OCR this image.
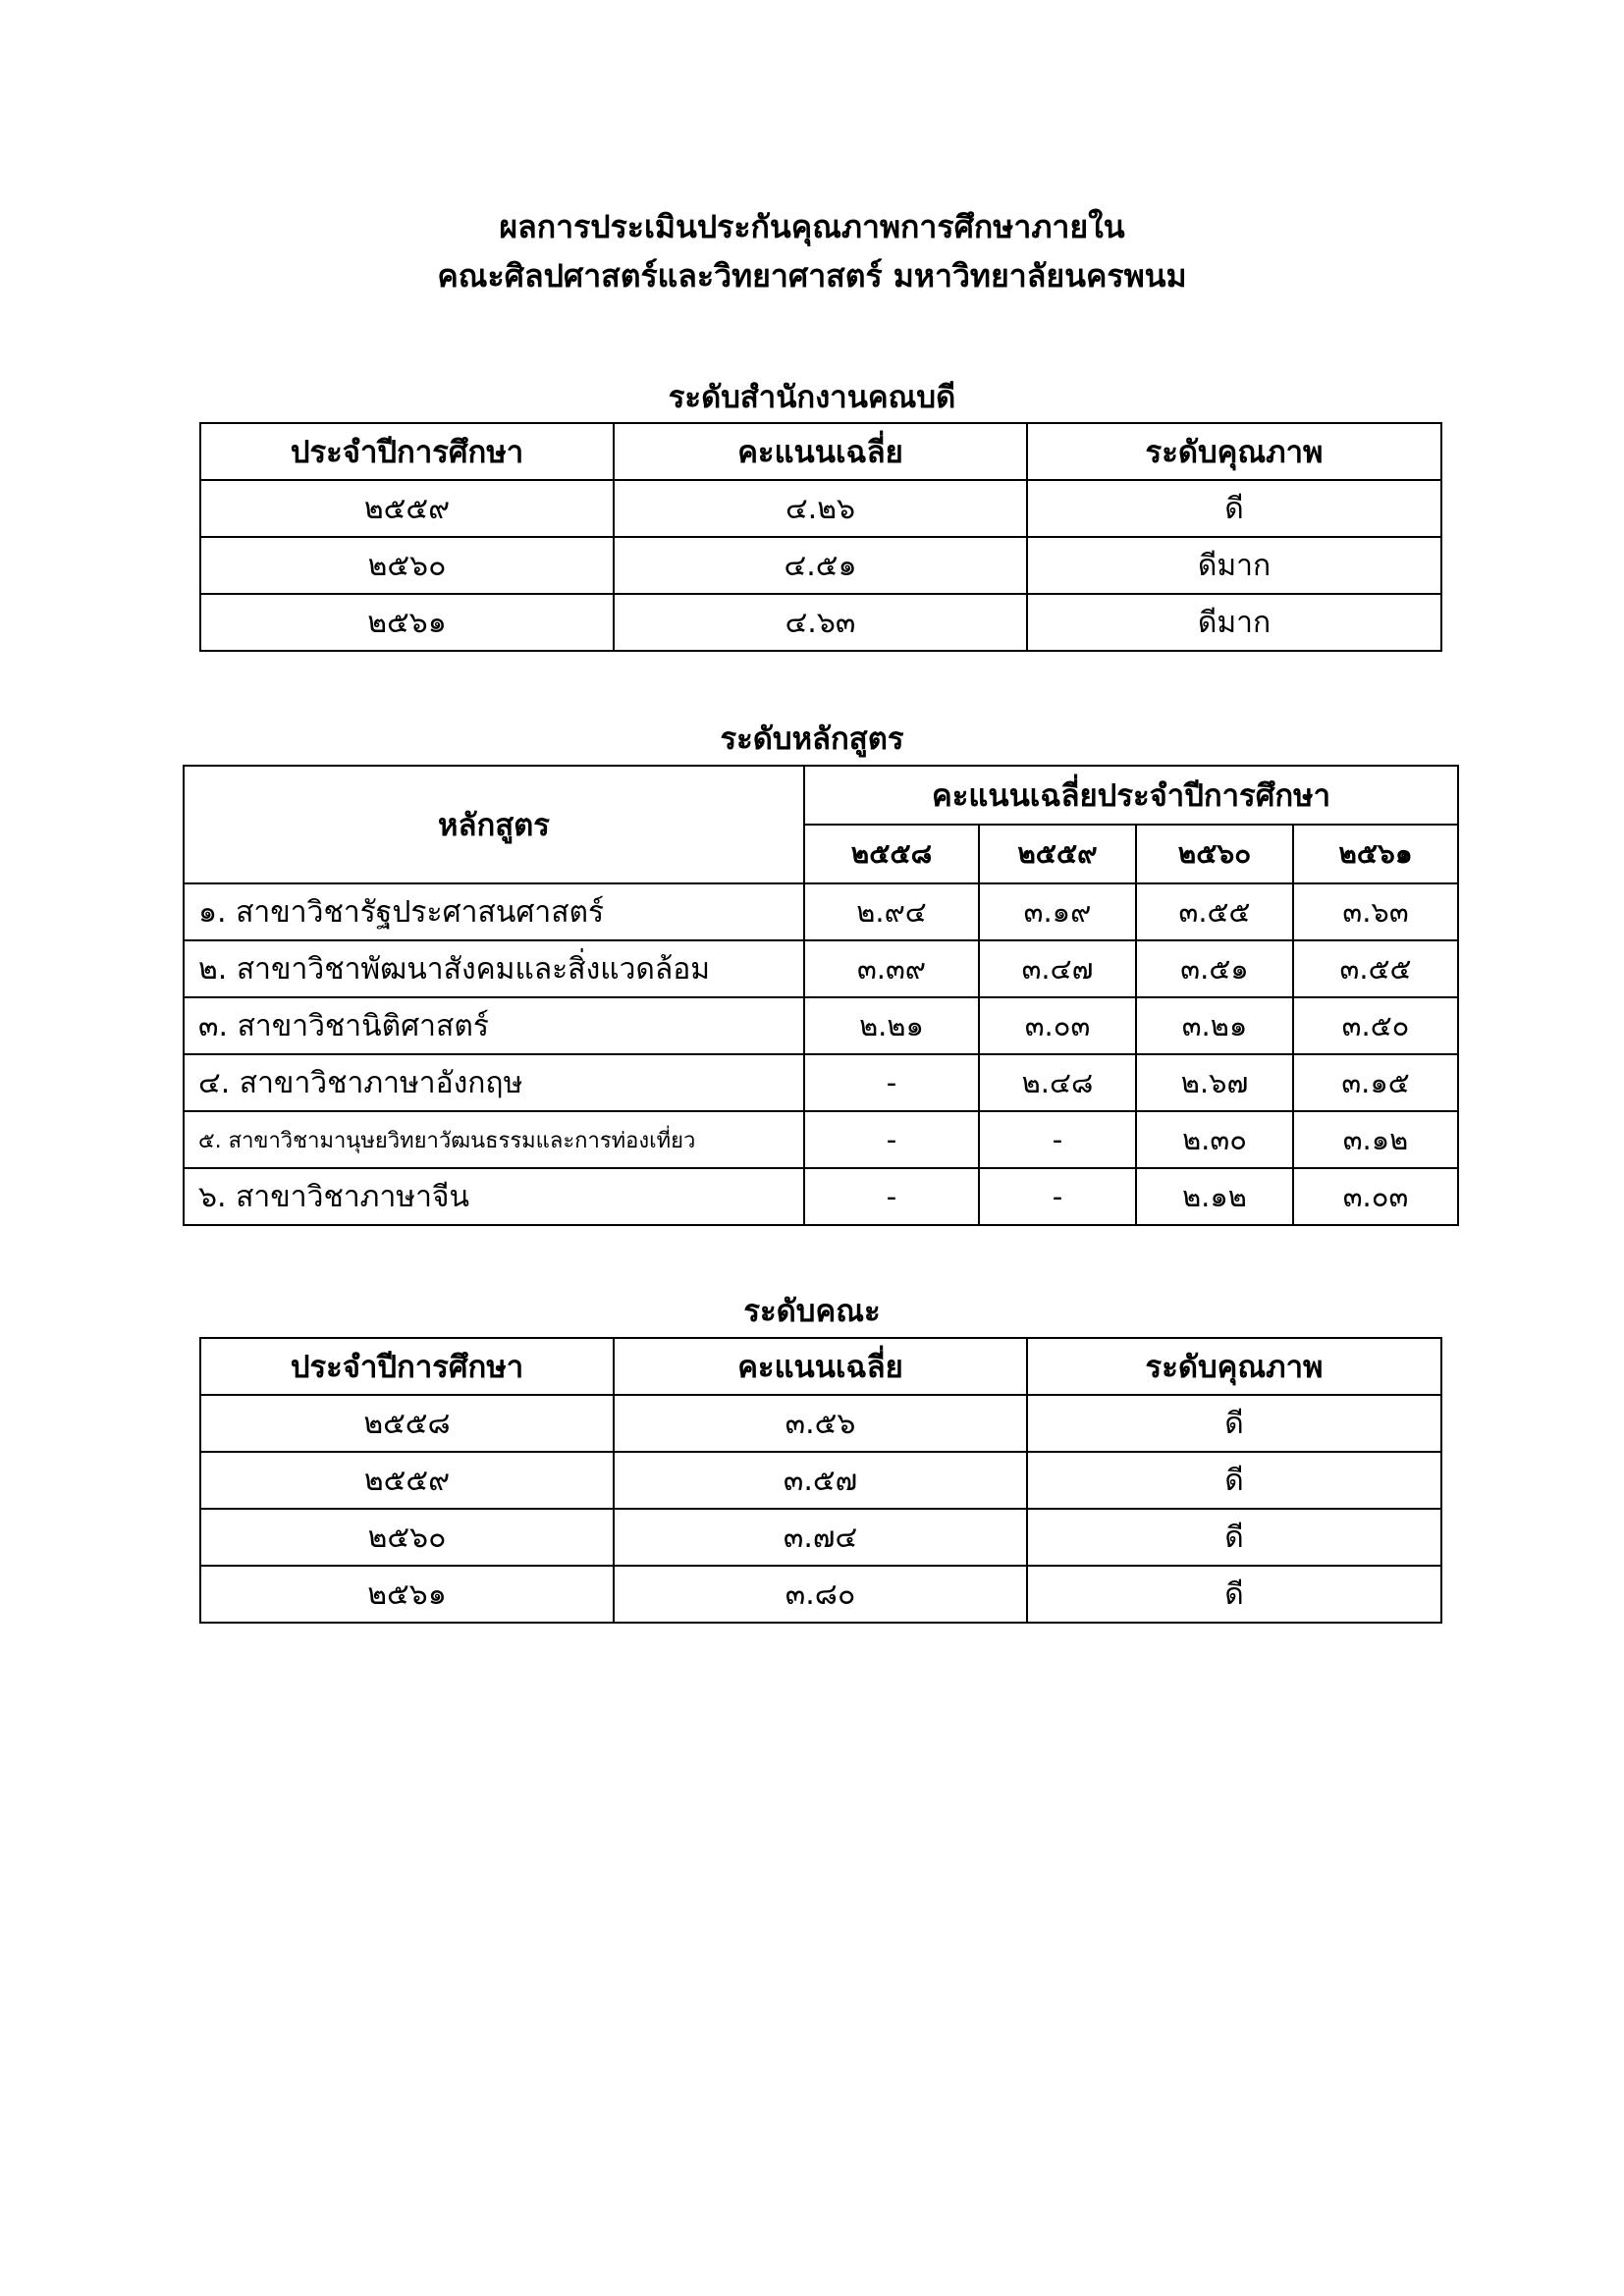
ผลการประเมินประกันคุณภาพการศึกษาภายใน

คณะศิลปศาสตร์และวิทยาศาสตร์ มหาวิทยาลัยนครพนม

ระดับสำนักงานคณบดี
ประจำปีการศึกษา	คะแนนเฉลี่ย	ระดับคุณภาพ
๒๕๕๙	๔.๒๖	ดี
๒๕๖๐	๔.๕๑	ดีมาก
๒๕๖๑	๔.๖๓	ดีมาก
ระดับหลักสูตร
หลักสูตร	คะแนนเฉลี่ยประจำปีการศึกษา			
	๒๕๕๘	๒๕๕๙	๒๕๖๐	๒๕๖๑
๑. สาขาวิชารัฐประศาสนศาสตร์	๒.๙๔	๓.๑๙	๓.๕๕	๓.๖๓
๒. สาขาวิชาพัฒนาสังคมและสิ่งแวดล้อม	๓.๓๙	๓.๔๗	๓.๕๑	๓.๕๕
๓. สาขาวิชานิติศาสตร์	๒.๒๑	๓.๐๓	๓.๒๑	๓.๕๐
๔. สาขาวิชาภาษาอังกฤษ	-	๒.๔๘	๒.๖๗	๓.๑๕
๕. สาขาวิชามานุษยวิทยาวัฒนธรรมและการท่องเที่ยว	-	-	๒.๓๐	๓.๑๒
๖. สาขาวิชาภาษาจีน	-	-	๒.๑๒	๓.๐๓
ระดับคณะ
ประจำปีการศึกษา	คะแนนเฉลี่ย	ระดับคุณภาพ
๒๕๕๘	๓.๕๖	ดี
๒๕๕๙	๓.๕๗	ดี
๒๕๖๐	๓.๗๔	ดี
๒๕๖๑	๓.๘๐	ดี
